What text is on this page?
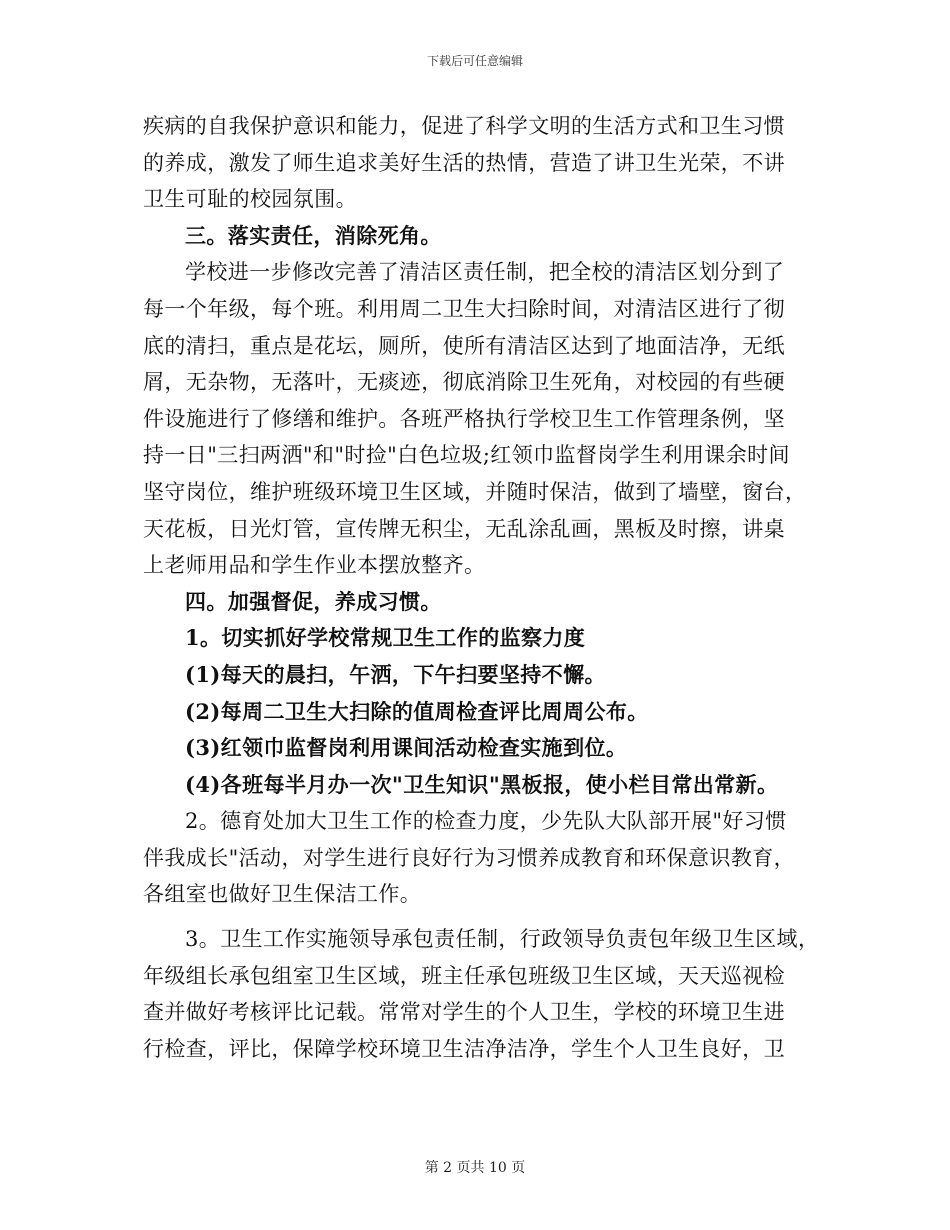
下载后可任意编辑
疾病的自我保护意识和能力，促进了科学文明的生活方式和卫生习惯
的养成，激发了师生追求美好生活的热情，营造了讲卫生光荣，不讲
卫生可耻的校园氛围。
三。落实责任，消除死角。
学校进一步修改完善了清洁区责任制，把全校的清洁区划分到了
每一个年级，每个班。利用周二卫生大扫除时间，对清洁区进行了彻
底的清扫，重点是花坛，厕所，使所有清洁区达到了地面洁净，无纸
屑，无杂物，无落叶，无痰迹，彻底消除卫生死角，对校园的有些硬
件设施进行了修缮和维护。各班严格执行学校卫生工作管理条例，坚
持一日"三扫两洒"和"时捡"白色垃圾;红领巾监督岗学生利用课余时间
坚守岗位，维护班级环境卫生区域，并随时保洁，做到了墙壁，窗台，
天花板，日光灯管，宣传牌无积尘，无乱涂乱画，黑板及时擦，讲桌
上老师用品和学生作业本摆放整齐。
四。加强督促，养成习惯。
1。切实抓好学校常规卫生工作的监察力度
(1)每天的晨扫，午洒，下午扫要坚持不懈。
(2)每周二卫生大扫除的值周检查评比周周公布。
(3)红领巾监督岗利用课间活动检查实施到位。
(4)各班每半月办一次"卫生知识"黑板报，使小栏目常出常新。
2。德育处加大卫生工作的检查力度，少先队大队部开展"好习惯
伴我成长"活动，对学生进行良好行为习惯养成教育和环保意识教育，
各组室也做好卫生保洁工作。
3。卫生工作实施领导承包责任制，行政领导负责包年级卫生区域，
年级组长承包组室卫生区域，班主任承包班级卫生区域，天天巡视检
查并做好考核评比记载。常常对学生的个人卫生，学校的环境卫生进
行检查，评比，保障学校环境卫生洁净洁净，学生个人卫生良好，卫
第 2 页共 10 页
